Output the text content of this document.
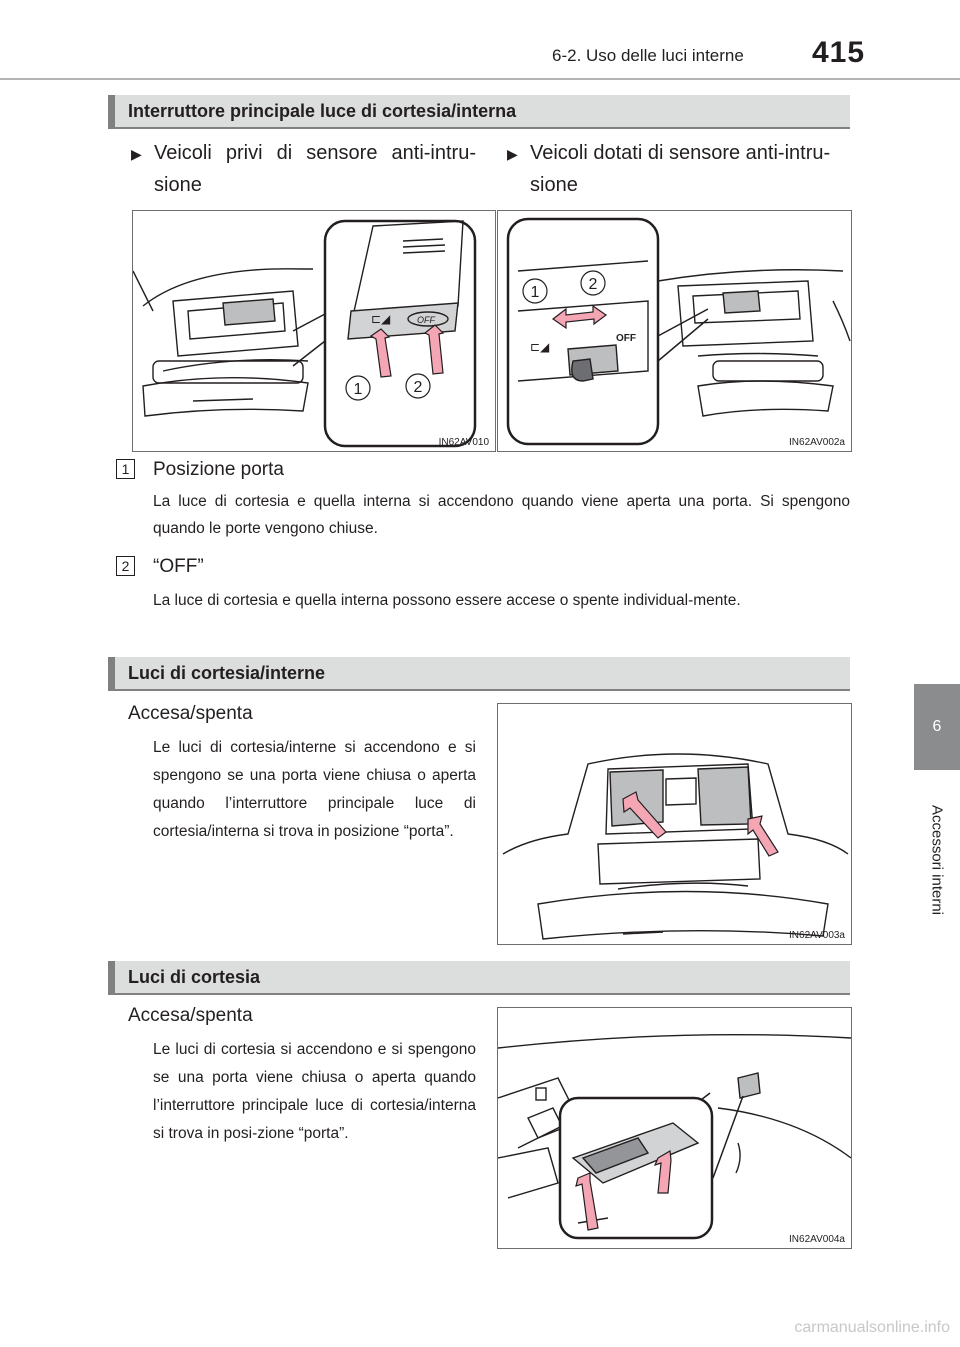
6-2. Uso delle luci interne 415
6
Accessori interni
Interruttore principale luce di cortesia/interna
▶ Veicoli privi di sensore anti-intru-sione
▶ Veicoli dotati di sensore anti-intru-sione
⊏◢	OFF
1	2
IN62AV010
⊏◢
OFF
1	2
IN62AV002a
1 Posizione porta
La luce di cortesia e quella interna si accendono quando viene aperta una porta. Si spengono quando le porte vengono chiuse.
2 “OFF”
La luce di cortesia e quella interna possono essere accese o spente individual-mente.
Luci di cortesia/interne
Accesa/spenta
Le luci di cortesia/interne si accendono e si spengono se una porta viene chiusa o aperta quando l’interruttore principale luce di cortesia/interna si trova in posizione “porta”.
IN62AV003a
Luci di cortesia
Accesa/spenta
Le luci di cortesia si accendono e si spengono se una porta viene chiusa o aperta quando l’interruttore principale luce di cortesia/interna si trova in posi-zione “porta”.
IN62AV004a
carmanualsonline.info
